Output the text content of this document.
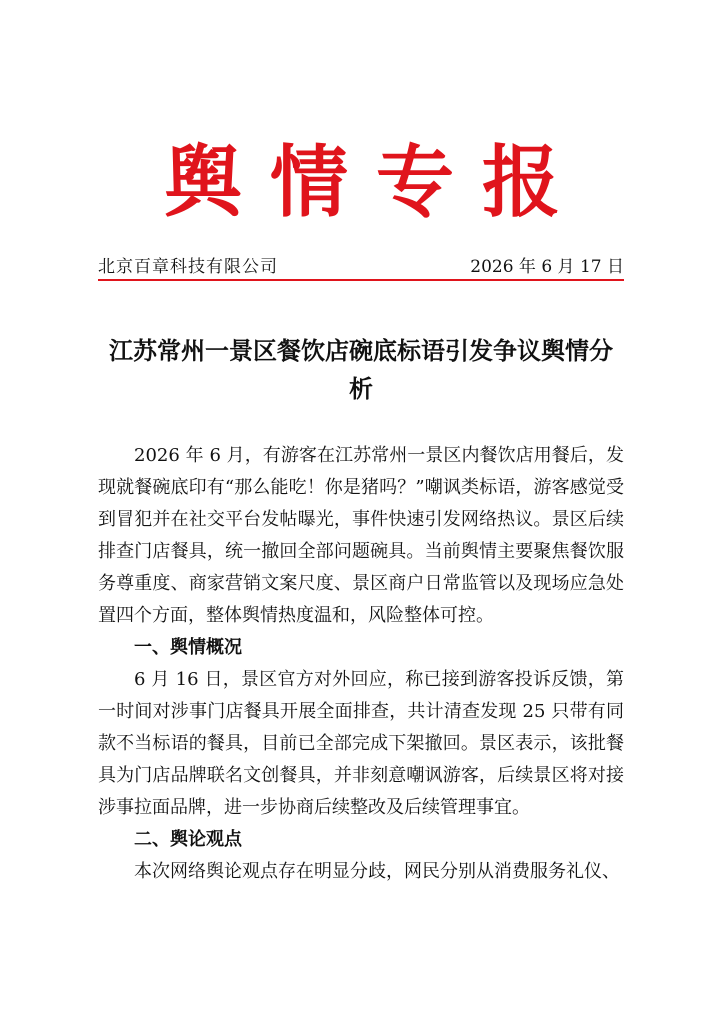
舆情专报
北京百章科技有限公司	2026 年 6 月 17 日
江苏常州一景区餐饮店碗底标语引发争议舆情分析

2026 年 6 月，有游客在江苏常州一景区内餐饮店用餐后，发现就餐碗底印有“那么能吃！你是猪吗？”嘲讽类标语，游客感觉受到冒犯并在社交平台发帖曝光，事件快速引发网络热议。景区后续排查门店餐具，统一撤回全部问题碗具。当前舆情主要聚焦餐饮服务尊重度、商家营销文案尺度、景区商户日常监管以及现场应急处置四个方面，整体舆情热度温和，风险整体可控。

一、舆情概况

6 月 16 日，景区官方对外回应，称已接到游客投诉反馈，第一时间对涉事门店餐具开展全面排查，共计清查发现 25 只带有同款不当标语的餐具，目前已全部完成下架撤回。景区表示，该批餐具为门店品牌联名文创餐具，并非刻意嘲讽游客，后续景区将对接涉事拉面品牌，进一步协商后续整改及后续管理事宜。

二、舆论观点

本次网络舆论观点存在明显分歧，网民分别从消费服务礼仪、
